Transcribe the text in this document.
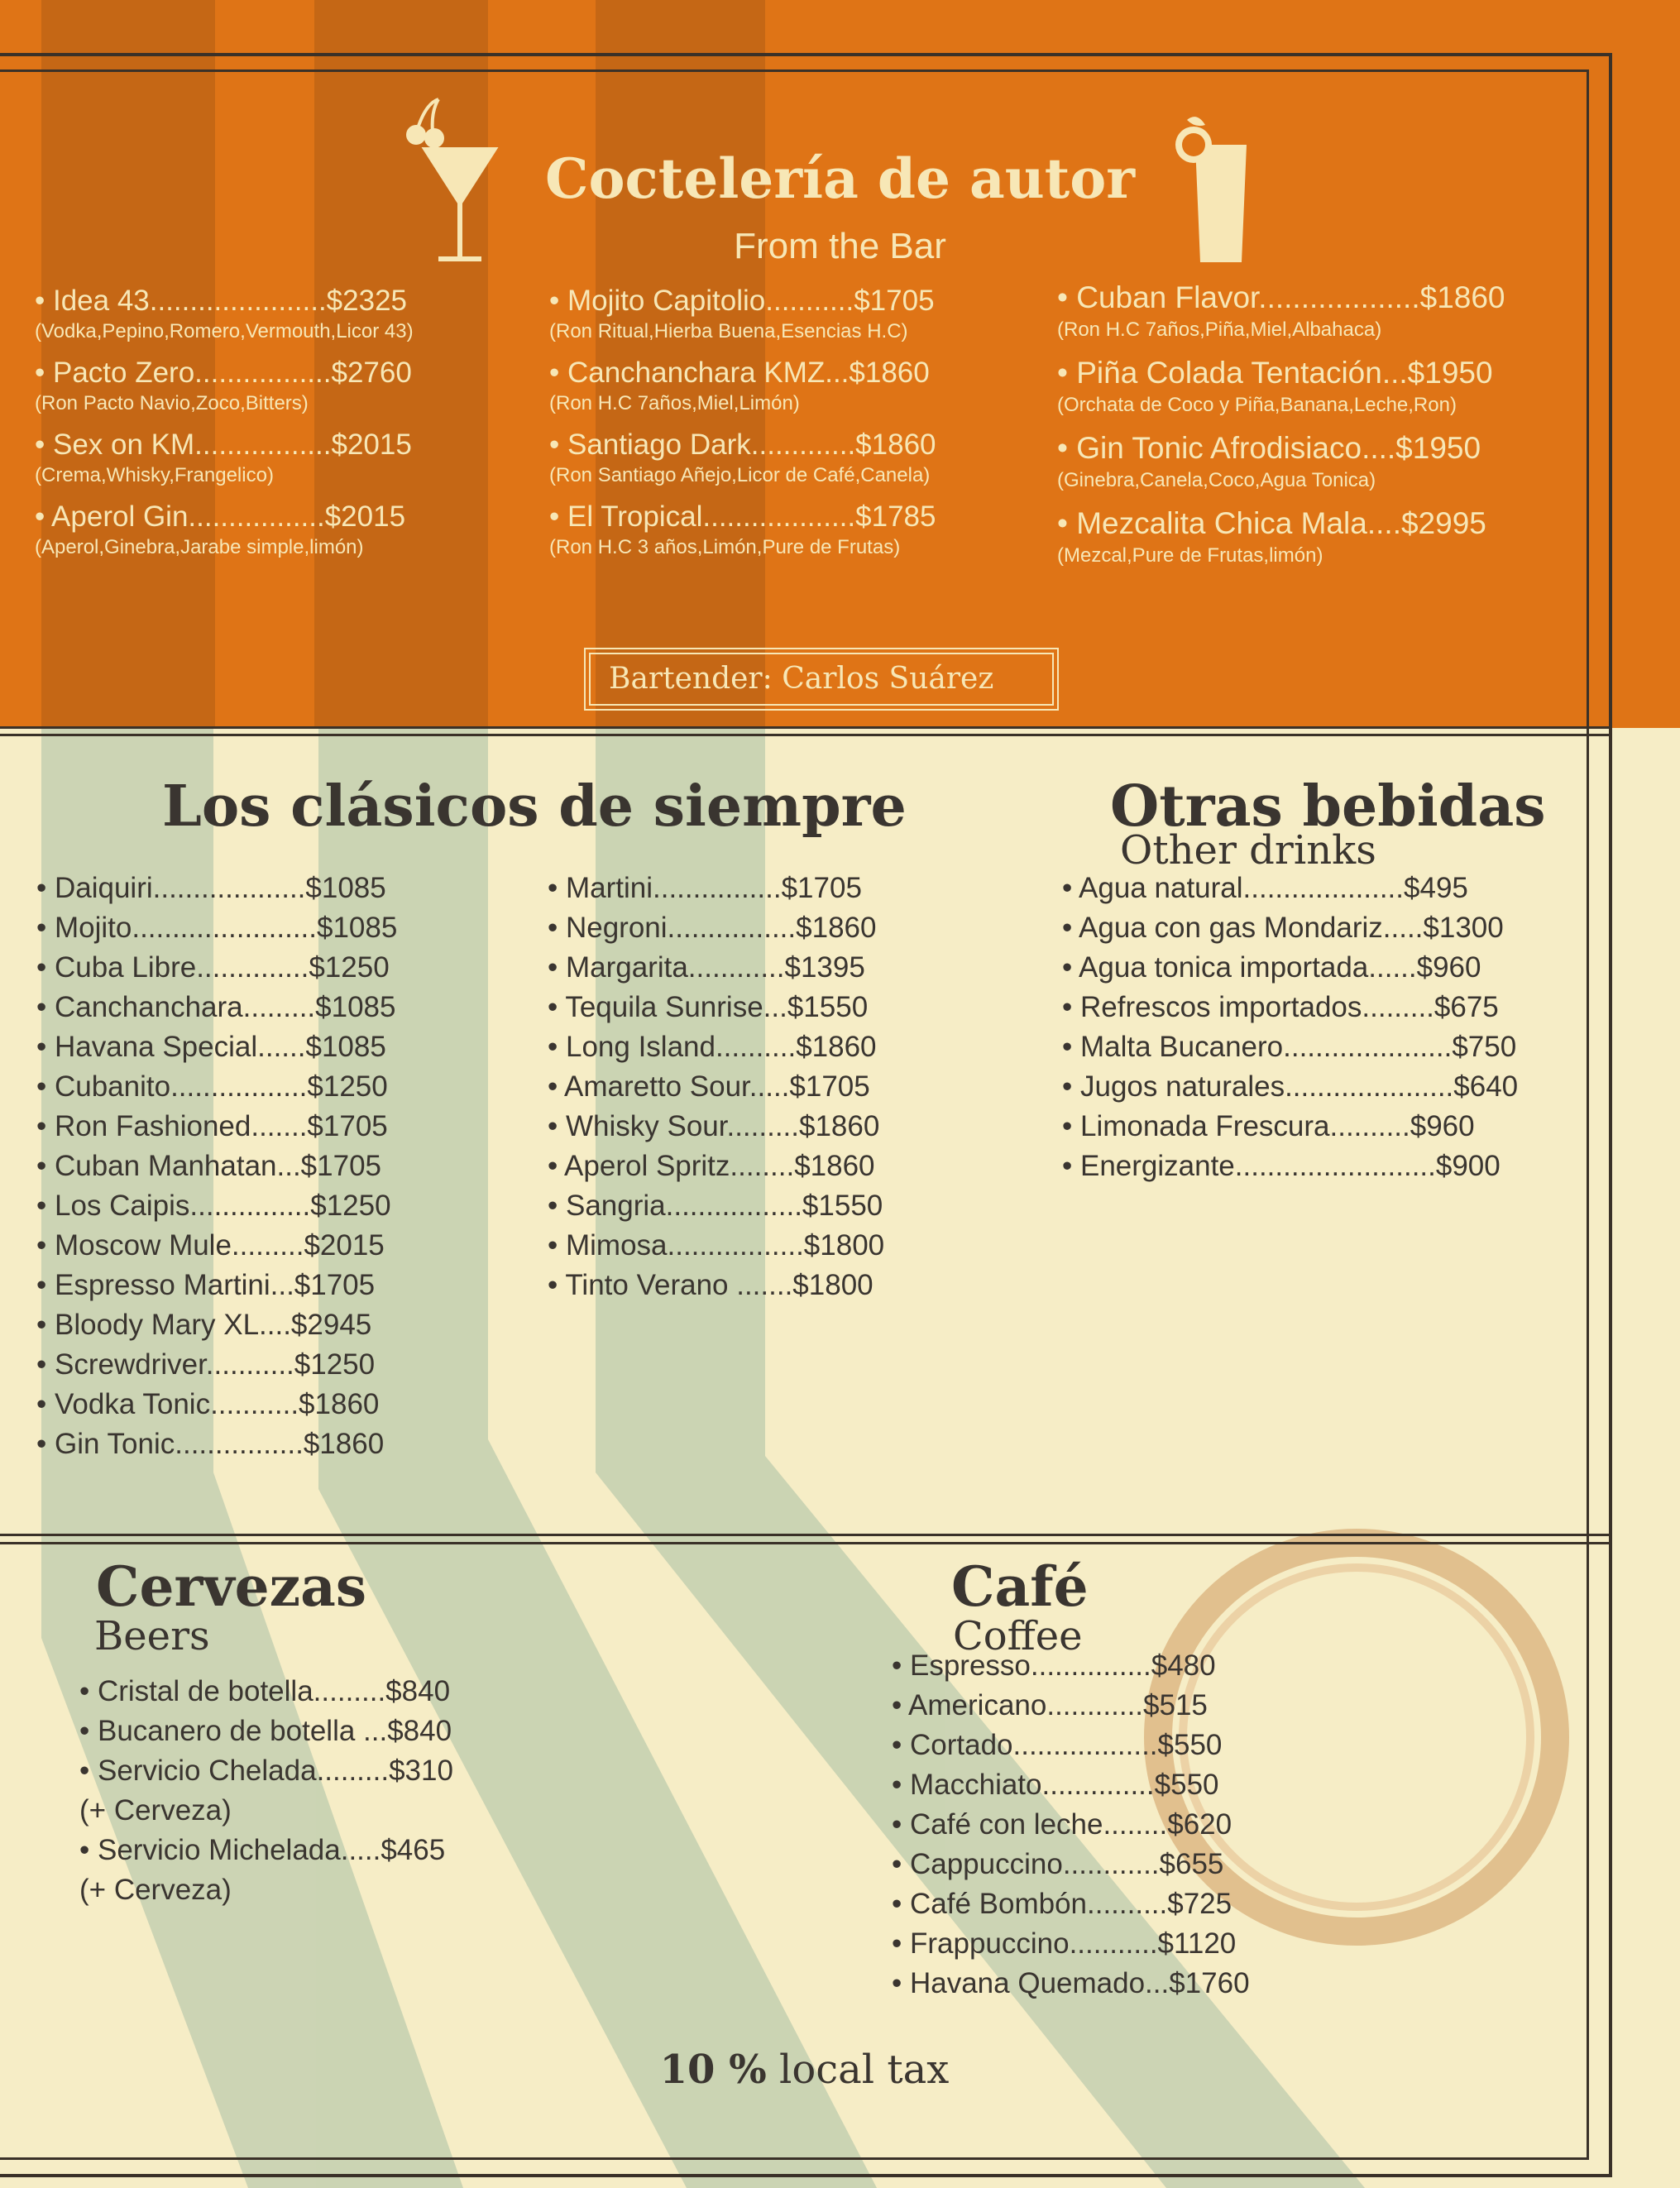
Coctelería de autor
From the Bar
• Idea 43......................$2325
(Vodka,Pepino,Romero,Vermouth,Licor 43)
• Pacto Zero.................$2760
(Ron Pacto Navio,Zoco,Bitters)
• Sex on KM.................$2015
(Crema,Whisky,Frangelico)
• Aperol Gin.................$2015
(Aperol,Ginebra,Jarabe simple,limón)
• Mojito Capitolio...........$1705
(Ron Ritual,Hierba Buena,Esencias H.C)
• Canchanchara KMZ...$1860
(Ron H.C 7años,Miel,Limón)
• Santiago Dark.............$1860
(Ron Santiago Añejo,Licor de Café,Canela)
• El Tropical...................$1785
(Ron H.C 3 años,Limón,Pure de Frutas)
• Cuban Flavor...................$1860
(Ron H.C 7años,Piña,Miel,Albahaca)
• Piña Colada Tentación...$1950
(Orchata de Coco y Piña,Banana,Leche,Ron)
• Gin Tonic Afrodisiaco....$1950
(Ginebra,Canela,Coco,Agua Tonica)
• Mezcalita Chica Mala....$2995
(Mezcal,Pure de Frutas,limón)
Bartender: Carlos Suárez
Los clásicos de siempre
• Daiquiri...................$1085
• Mojito.......................$1085
• Cuba Libre..............$1250
• Canchanchara.........$1085
• Havana Special......$1085
• Cubanito.................$1250
• Ron Fashioned.......$1705
• Cuban Manhatan...$1705
• Los Caipis...............$1250
• Moscow Mule.........$2015
• Espresso Martini...$1705
• Bloody Mary XL....$2945
• Screwdriver...........$1250
• Vodka Tonic...........$1860
• Gin Tonic................$1860
• Martini................$1705
• Negroni................$1860
• Margarita............$1395
• Tequila Sunrise...$1550
• Long Island..........$1860
• Amaretto Sour.....$1705
• Whisky Sour.........$1860
• Aperol Spritz........$1860
• Sangria.................$1550
• Mimosa.................$1800
• Tinto Verano .......$1800
Otras bebidas
Other drinks
• Agua natural....................$495
• Agua con gas Mondariz.....$1300
• Agua tonica importada......$960
• Refrescos importados.........$675
• Malta Bucanero.....................$750
• Jugos naturales.....................$640
• Limonada Frescura..........$960
• Energizante.........................$900
Cervezas
Beers
• Cristal de botella.........$840
• Bucanero de botella ...$840
• Servicio Chelada.........$310
(+ Cerveza)
• Servicio Michelada.....$465
(+ Cerveza)
Café
Coffee
• Espresso...............$480
• Americano............$515
• Cortado..................$550
• Macchiato..............$550
• Café con leche........$620
• Cappuccino............$655
• Café Bombón..........$725
• Frappuccino...........$1120
• Havana Quemado...$1760
10 % local tax
